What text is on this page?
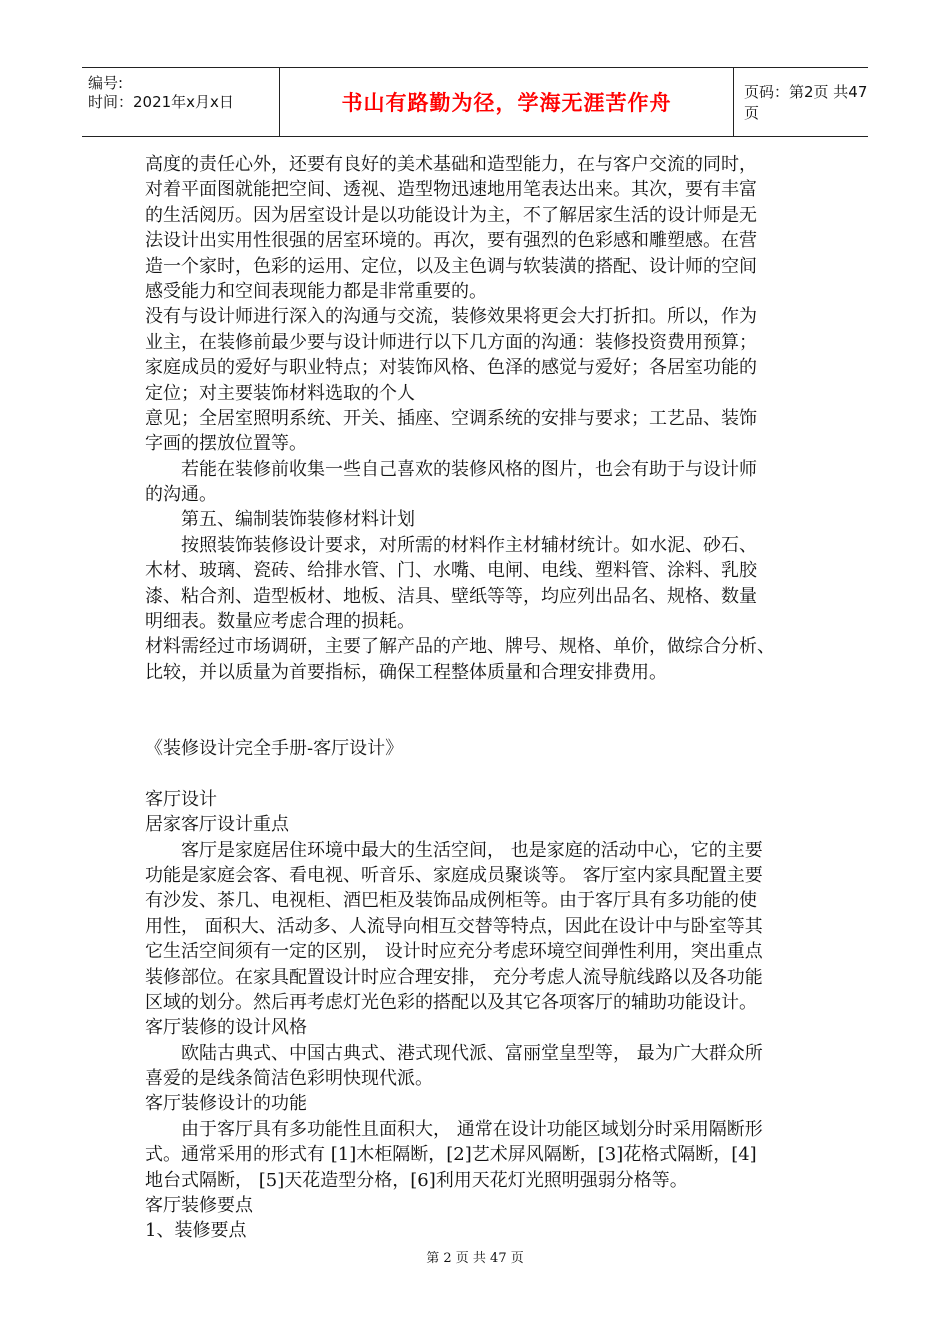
编号:
时间：2021年x月x日	书山有路勤为径，学海无涯苦作舟	页码：第2页 共47页
高度的责任心外，还要有良好的美术基础和造型能力，在与客户交流的同时，
对着平面图就能把空间、透视、造型物迅速地用笔表达出来。其次，要有丰富
的生活阅历。因为居室设计是以功能设计为主，不了解居家生活的设计师是无
法设计出实用性很强的居室环境的。再次，要有强烈的色彩感和雕塑感。在营
造一个家时，色彩的运用、定位，以及主色调与软装潢的搭配、设计师的空间
感受能力和空间表现能力都是非常重要的。
没有与设计师进行深入的沟通与交流，装修效果将更会大打折扣。所以，作为
业主，在装修前最少要与设计师进行以下几方面的沟通：装修投资费用预算；
家庭成员的爱好与职业特点；对装饰风格、色泽的感觉与爱好；各居室功能的
定位；对主要装饰材料选取的个人
意见；全居室照明系统、开关、插座、空调系统的安排与要求；工艺品、装饰
字画的摆放位置等。
若能在装修前收集一些自己喜欢的装修风格的图片，也会有助于与设计师
的沟通。
第五、编制装饰装修材料计划
按照装饰装修设计要求，对所需的材料作主材辅材统计。如水泥、砂石、
木材、玻璃、瓷砖、给排水管、门、水嘴、电闸、电线、塑料管、涂料、乳胶
漆、粘合剂、造型板材、地板、洁具、壁纸等等，均应列出品名、规格、数量
明细表。数量应考虑合理的损耗。
材料需经过市场调研，主要了解产品的产地、牌号、规格、单价，做综合分析、
比较，并以质量为首要指标，确保工程整体质量和合理安排费用。
《装修设计完全手册-客厅设计》
客厅设计
居家客厅设计重点
客厅是家庭居住环境中最大的生活空间， 也是家庭的活动中心，它的主要
功能是家庭会客、看电视、听音乐、家庭成员聚谈等。 客厅室内家具配置主要
有沙发、茶几、电视柜、酒巴柜及装饰品成例柜等。由于客厅具有多功能的使
用性， 面积大、活动多、人流导向相互交替等特点，因此在设计中与卧室等其
它生活空间须有一定的区别， 设计时应充分考虑环境空间弹性利用，突出重点
装修部位。在家具配置设计时应合理安排， 充分考虑人流导航线路以及各功能
区域的划分。然后再考虑灯光色彩的搭配以及其它各项客厅的辅助功能设计。
客厅装修的设计风格
欧陆古典式、中国古典式、港式现代派、富丽堂皇型等， 最为广大群众所
喜爱的是线条简洁色彩明快现代派。
客厅装修设计的功能
由于客厅具有多功能性且面积大， 通常在设计功能区域划分时采用隔断形
式。通常采用的形式有 [1]木柜隔断，[2]艺术屏风隔断，[3]花格式隔断，[4]
地台式隔断， [5]天花造型分格，[6]利用天花灯光照明强弱分格等。
客厅装修要点
1、装修要点
第 2 页 共 47 页
